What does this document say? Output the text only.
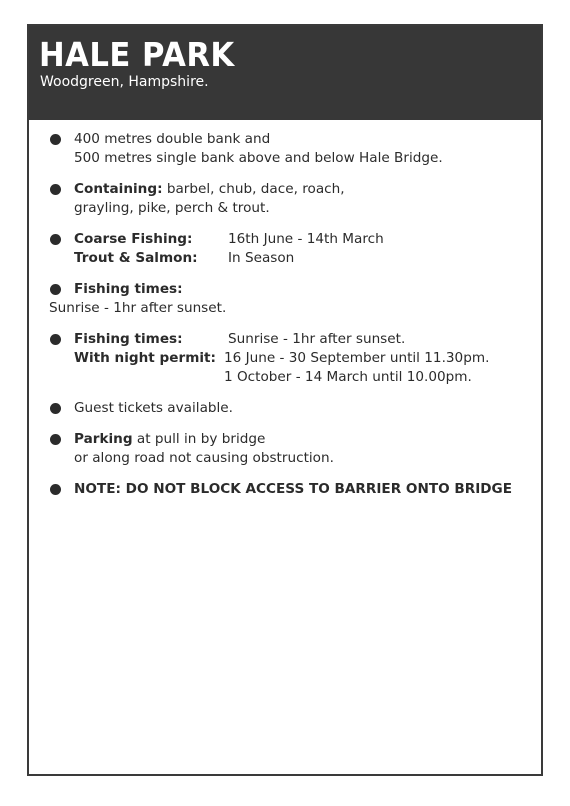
HALE PARK
Woodgreen, Hampshire.
400 metres double bank and
500 metres single bank above and below Hale Bridge.
Containing: barbel, chub, dace, roach,
grayling, pike, perch & trout.
Coarse Fishing:	16th June - 14th March
Trout & Salmon:	In Season
Fishing times:
Sunrise - 1hr after sunset.
Fishing times:	Sunrise - 1hr after sunset.
With night permit: 16 June - 30 September until 11.30pm.
1 October - 14 March until 10.00pm.
Guest tickets available.
Parking at pull in by bridge
or along road not causing obstruction.
NOTE: DO NOT BLOCK ACCESS TO BARRIER ONTO BRIDGE
